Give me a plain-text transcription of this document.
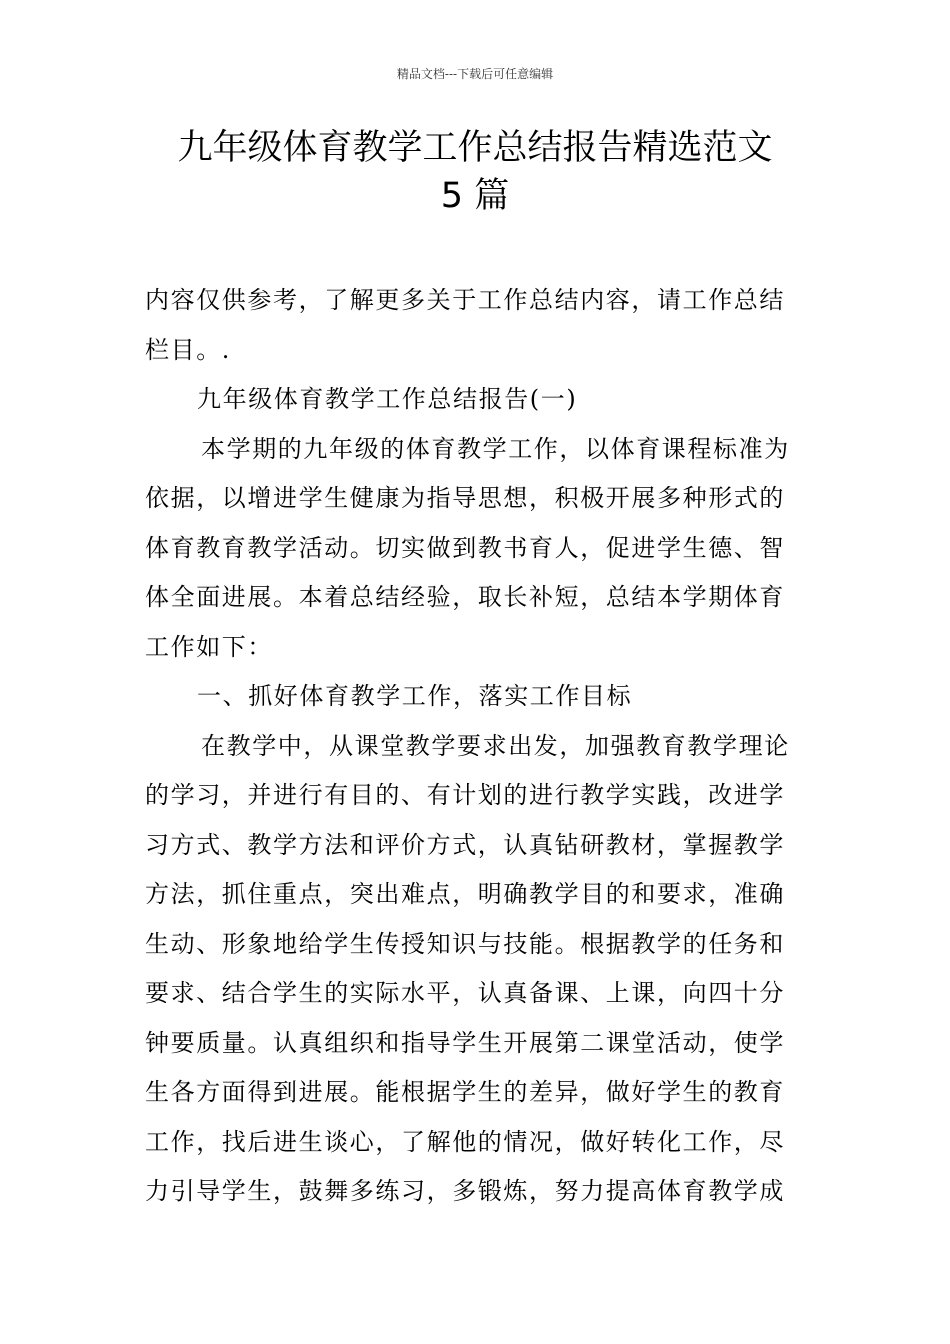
精品文档---下载后可任意编辑
九年级体育教学工作总结报告精选范文
5 篇

内容仅供参考，了解更多关于工作总结内容，请工作总结

栏目。.

九年级体育教学工作总结报告(一)

本学期的九年级的体育教学工作，以体育课程标准为

依据，以增进学生健康为指导思想，积极开展多种形式的

体育教育教学活动。切实做到教书育人，促进学生德、智

体全面进展。本着总结经验，取长补短，总结本学期体育

工作如下：

一、抓好体育教学工作，落实工作目标

在教学中，从课堂教学要求出发，加强教育教学理论

的学习，并进行有目的、有计划的进行教学实践，改进学

习方式、教学方法和评价方式，认真钻研教材，掌握教学

方法，抓住重点，突出难点，明确教学目的和要求，准确

生动、形象地给学生传授知识与技能。根据教学的任务和

要求、结合学生的实际水平，认真备课、上课，向四十分

钟要质量。认真组织和指导学生开展第二课堂活动，使学

生各方面得到进展。能根据学生的差异，做好学生的教育

工作，找后进生谈心，了解他的情况，做好转化工作，尽

力引导学生，鼓舞多练习，多锻炼，努力提高体育教学成
